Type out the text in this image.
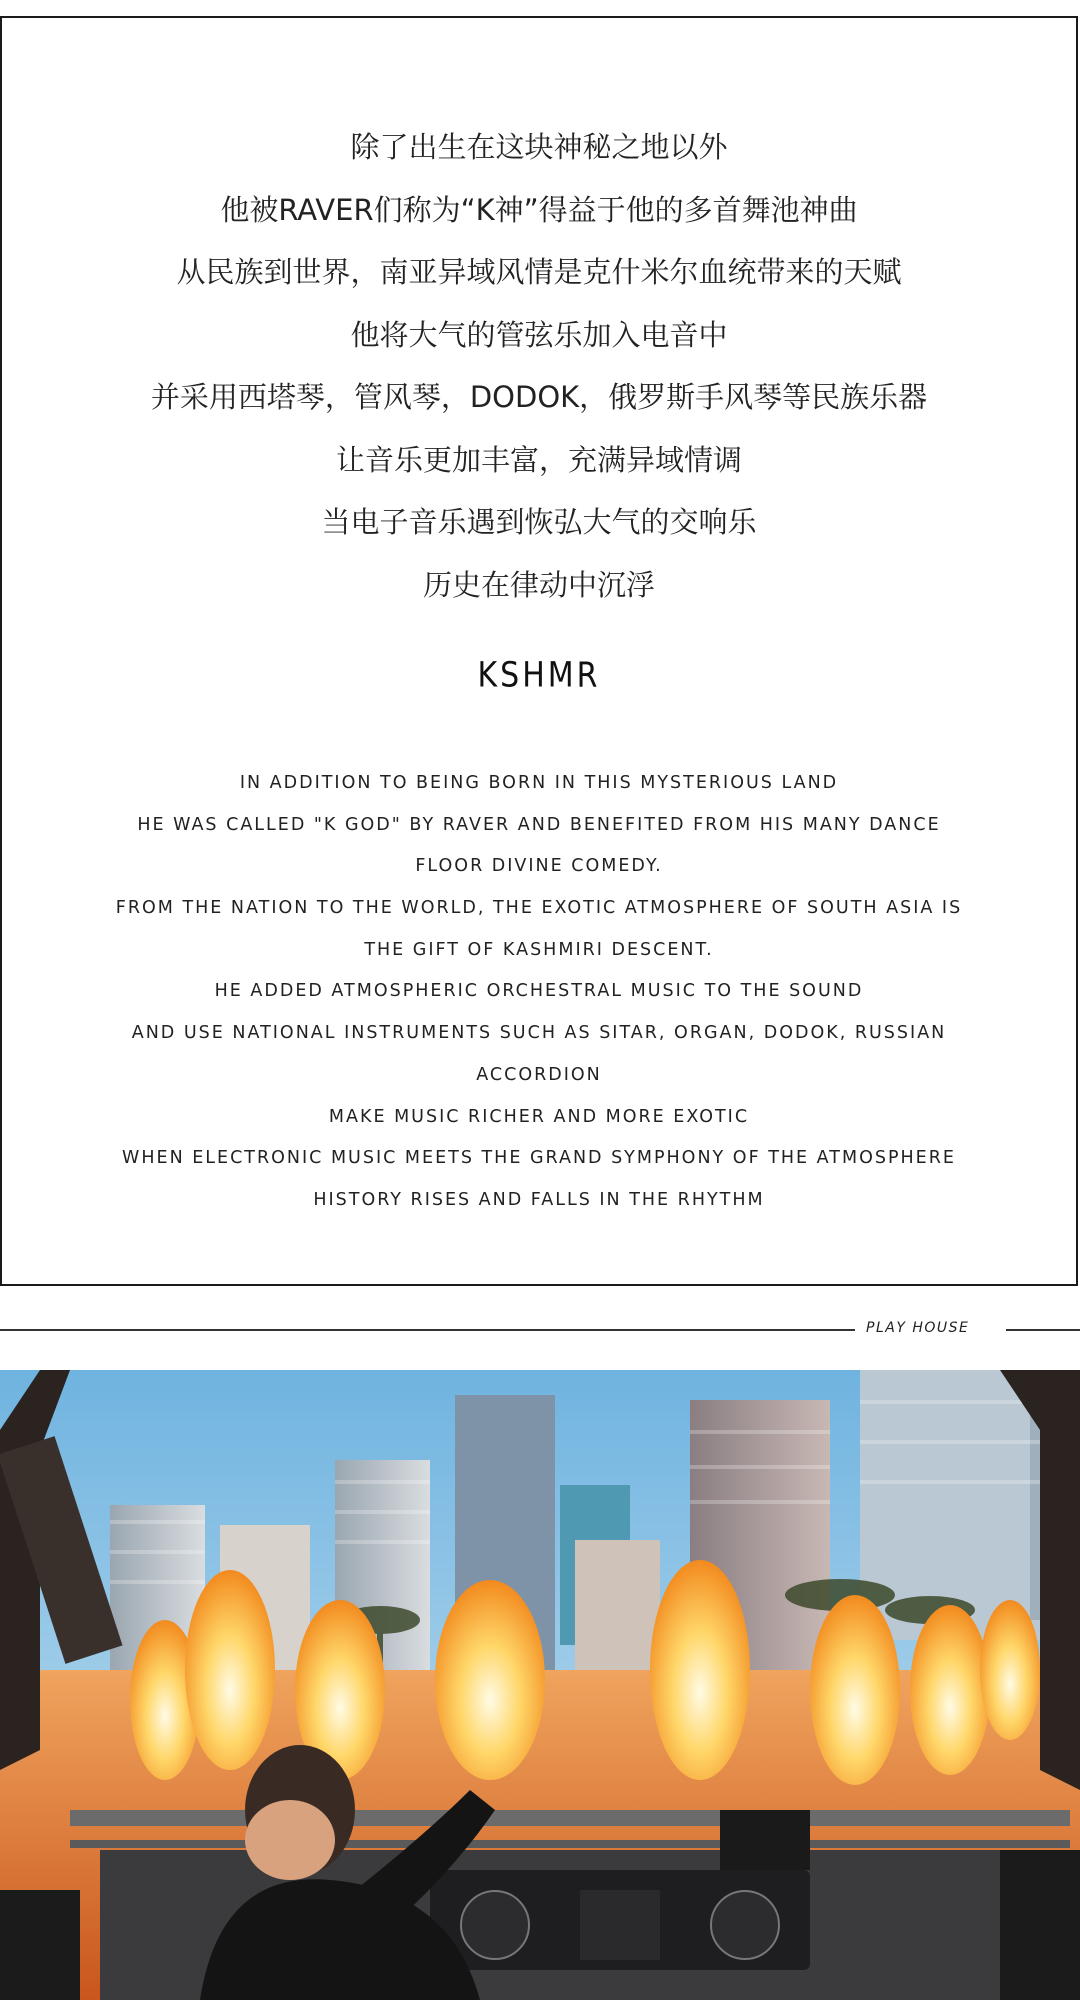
除了出生在这块神秘之地以外
他被RAVER们称为“K神”得益于他的多首舞池神曲
从民族到世界，南亚异域风情是克什米尔血统带来的天赋
他将大气的管弦乐加入电音中
并采用西塔琴，管风琴，DODOK，俄罗斯手风琴等民族乐器
让音乐更加丰富，充满异域情调
当电子音乐遇到恢弘大气的交响乐
历史在律动中沉浮
KSHMR
IN ADDITION TO BEING BORN IN THIS MYSTERIOUS LAND
HE WAS CALLED "K GOD" BY RAVER AND BENEFITED FROM HIS MANY DANCE
FLOOR DIVINE COMEDY.
FROM THE NATION TO THE WORLD, THE EXOTIC ATMOSPHERE OF SOUTH ASIA IS
THE GIFT OF KASHMIRI DESCENT.
HE ADDED ATMOSPHERIC ORCHESTRAL MUSIC TO THE SOUND
AND USE NATIONAL INSTRUMENTS SUCH AS SITAR, ORGAN, DODOK, RUSSIAN
ACCORDION
MAKE MUSIC RICHER AND MORE EXOTIC
WHEN ELECTRONIC MUSIC MEETS THE GRAND SYMPHONY OF THE ATMOSPHERE
HISTORY RISES AND FALLS IN THE RHYTHM
PLAY HOUSE
